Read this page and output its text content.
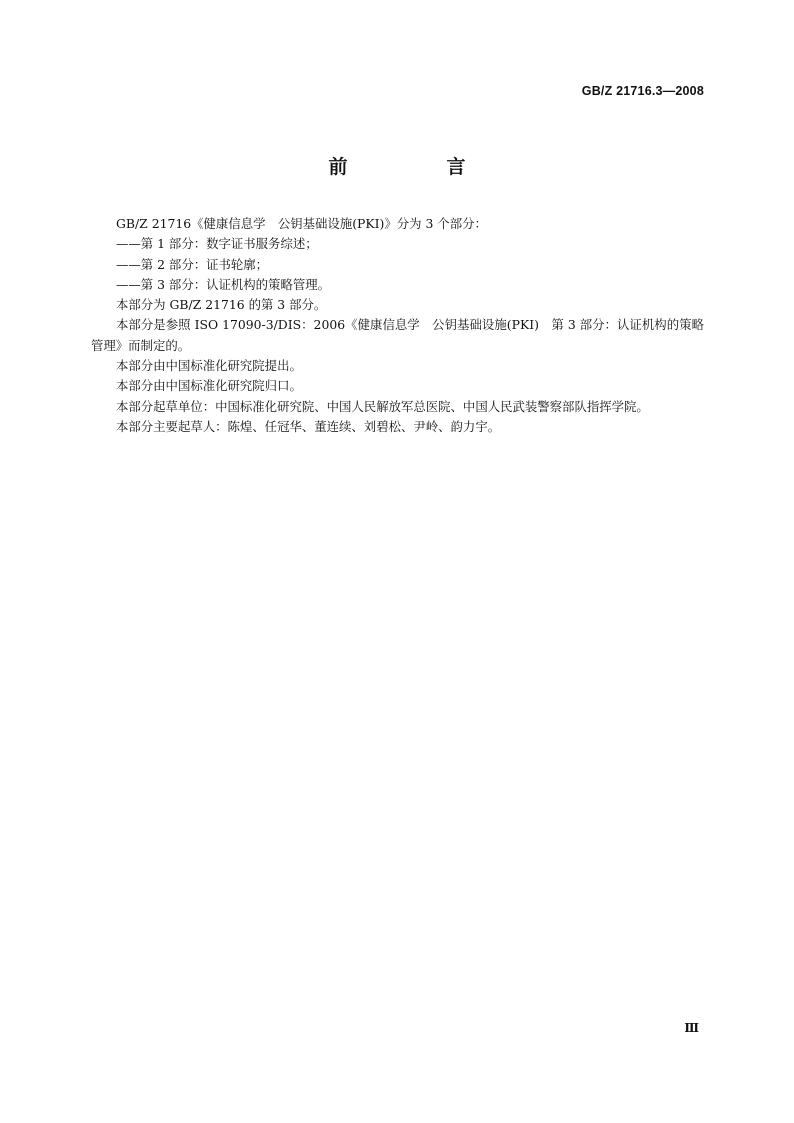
GB/Z 21716.3—2008
前　言

GB/Z 21716《健康信息学　公钥基础设施(PKI)》分为 3 个部分：

——第 1 部分：数字证书服务综述；

——第 2 部分：证书轮廓；

——第 3 部分：认证机构的策略管理。

本部分为 GB/Z 21716 的第 3 部分。

本部分是参照 ISO 17090-3/DIS：2006《健康信息学　公钥基础设施(PKI)　第 3 部分：认证机构的策略管理》而制定的。

本部分由中国标准化研究院提出。

本部分由中国标准化研究院归口。

本部分起草单位：中国标准化研究院、中国人民解放军总医院、中国人民武装警察部队指挥学院。

本部分主要起草人：陈煌、任冠华、董连续、刘碧松、尹岭、韵力宇。

Ⅲ
